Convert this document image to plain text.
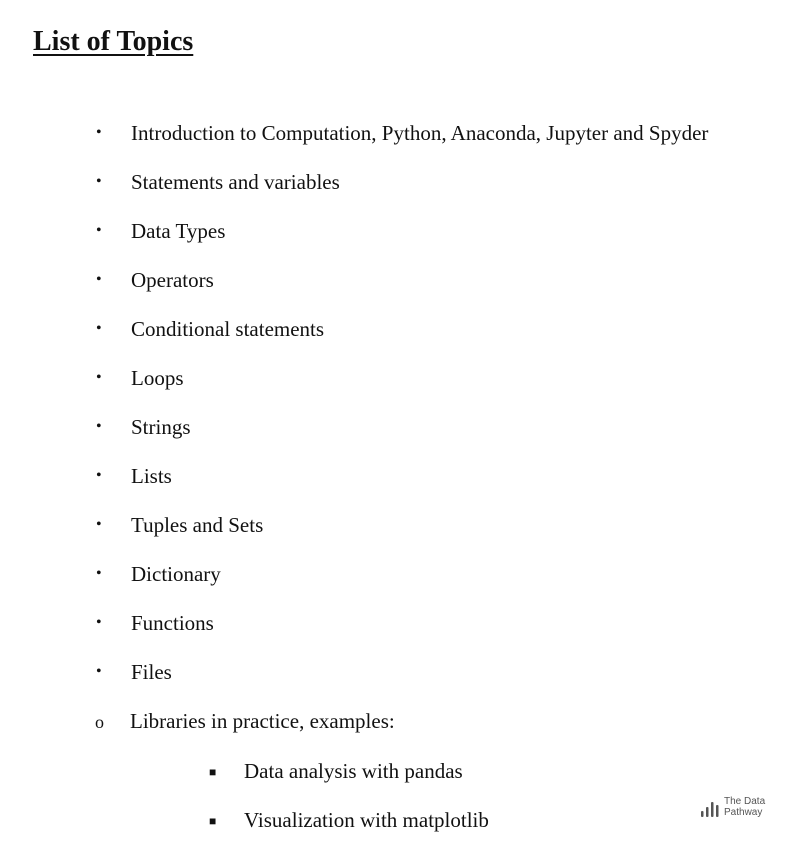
List of Topics
• Introduction to Computation, Python, Anaconda, Jupyter and Spyder
• Statements and variables
• Data Types
• Operators
• Conditional statements
• Loops
• Strings
• Lists
• Tuples and Sets
• Dictionary
• Functions
• Files
o Libraries in practice, examples:
■ Data analysis with pandas
■ Visualization with matplotlib
The Data
Pathway
